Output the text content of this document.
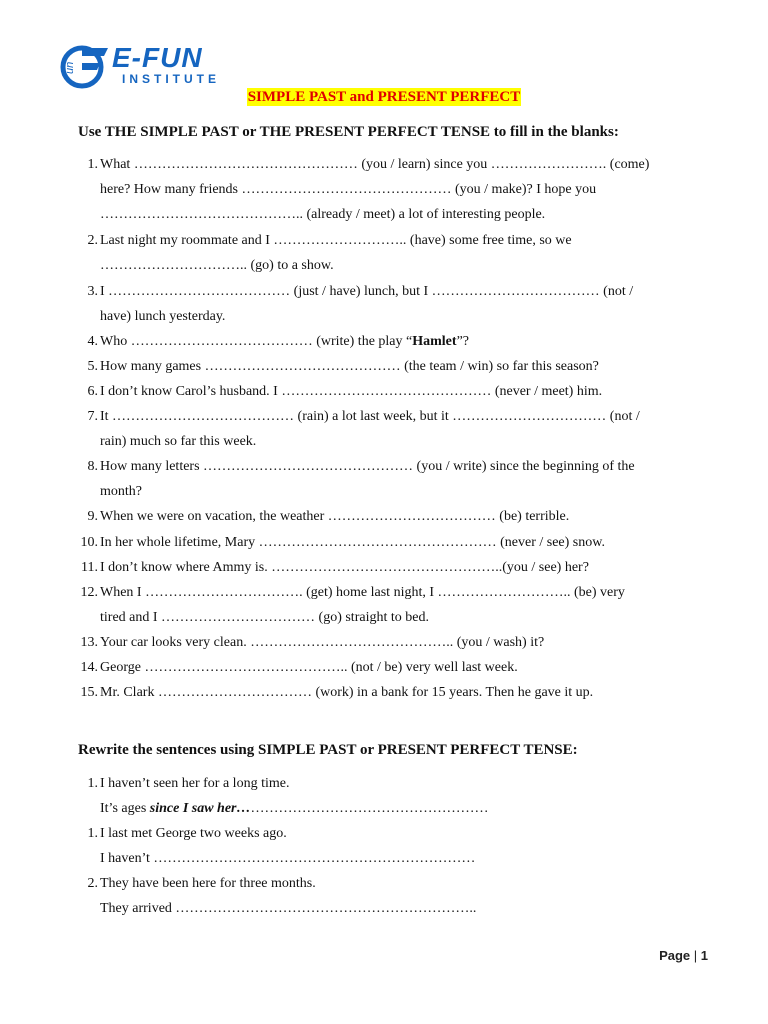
un E-FUN
INSTITUTE
SIMPLE PAST and PRESENT PERFECT
Use THE SIMPLE PAST or THE PRESENT PERFECT TENSE to fill in the blanks:
1. What ………………………………………… (you / learn) since you ……………………. (come)
here? How many friends ……………………………………… (you / make)? I hope you
…………………………………….. (already / meet) a lot of interesting people.
2. Last night my roommate and I ……………………….. (have) some free time, so we
………………………….. (go) to a show.
3. I ………………………………… (just / have) lunch, but I ……………………………… (not /
have) lunch yesterday.
4. Who ………………………………… (write) the play “Hamlet”?
5. How many games …………………………………… (the team / win) so far this season?
6. I don’t know Carol’s husband. I ……………………………………… (never / meet) him.
7. It ………………………………… (rain) a lot last week, but it …………………………… (not /
rain) much so far this week.
8. How many letters ……………………………………… (you / write) since the beginning of the
month?
9. When we were on vacation, the weather ……………………………… (be) terrible.
10. In her whole lifetime, Mary …………………………………………… (never / see) snow.
11. I don’t know where Ammy is. …………………………………………..(you / see) her?
12. When I ……………………………. (get) home last night, I ……………………….. (be) very
tired and I …………………………… (go) straight to bed.
13. Your car looks very clean. …………………………………….. (you / wash) it?
14. George …………………………………….. (not / be) very well last week.
15. Mr. Clark …………………………… (work) in a bank for 15 years. Then he gave it up.
Rewrite the sentences using SIMPLE PAST or PRESENT PERFECT TENSE:
1. I haven’t seen her for a long time.
It’s ages since I saw her………………………………………………
1. I last met George two weeks ago.
I haven’t ……………………………………………………………
2. They have been here for three months.
They arrived ………………………………………………………..
Page | 1
